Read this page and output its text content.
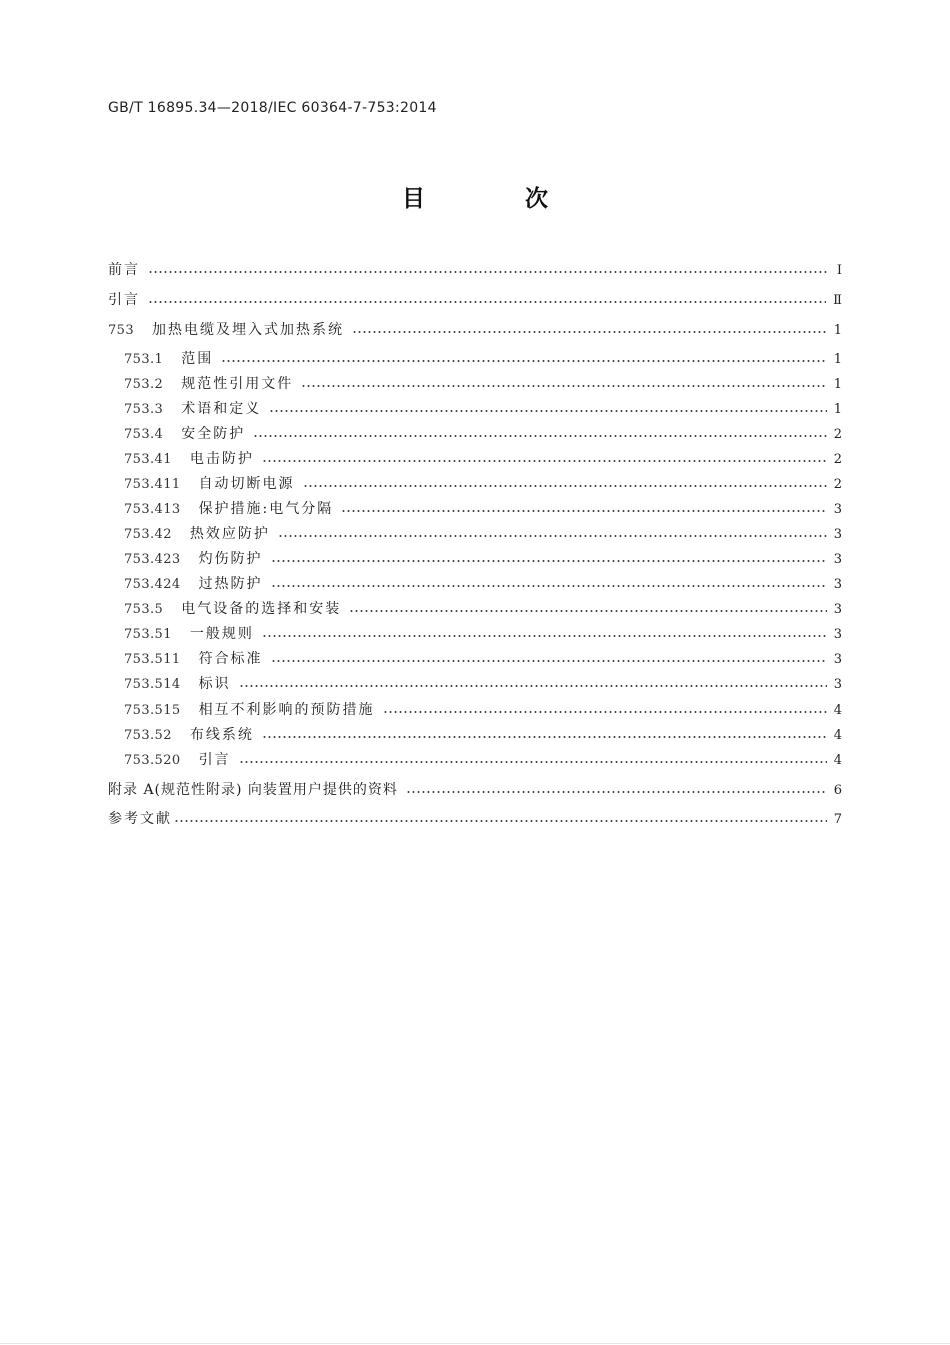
GB/T 16895.34—2018/IEC 60364-7-753:2014
目 次
前言	Ⅰ
引言	Ⅱ
753 加热电缆及埋入式加热系统	1
753.1 范围	1
753.2 规范性引用文件	1
753.3 术语和定义	1
753.4 安全防护	2
753.41 电击防护	2
753.411 自动切断电源	2
753.413 保护措施:电气分隔	3
753.42 热效应防护	3
753.423 灼伤防护	3
753.424 过热防护	3
753.5 电气设备的选择和安装	3
753.51 一般规则	3
753.511 符合标准	3
753.514 标识	3
753.515 相互不利影响的预防措施	4
753.52 布线系统	4
753.520 引言	4
附录 A(规范性附录) 向装置用户提供的资料	6
参考文献	7
